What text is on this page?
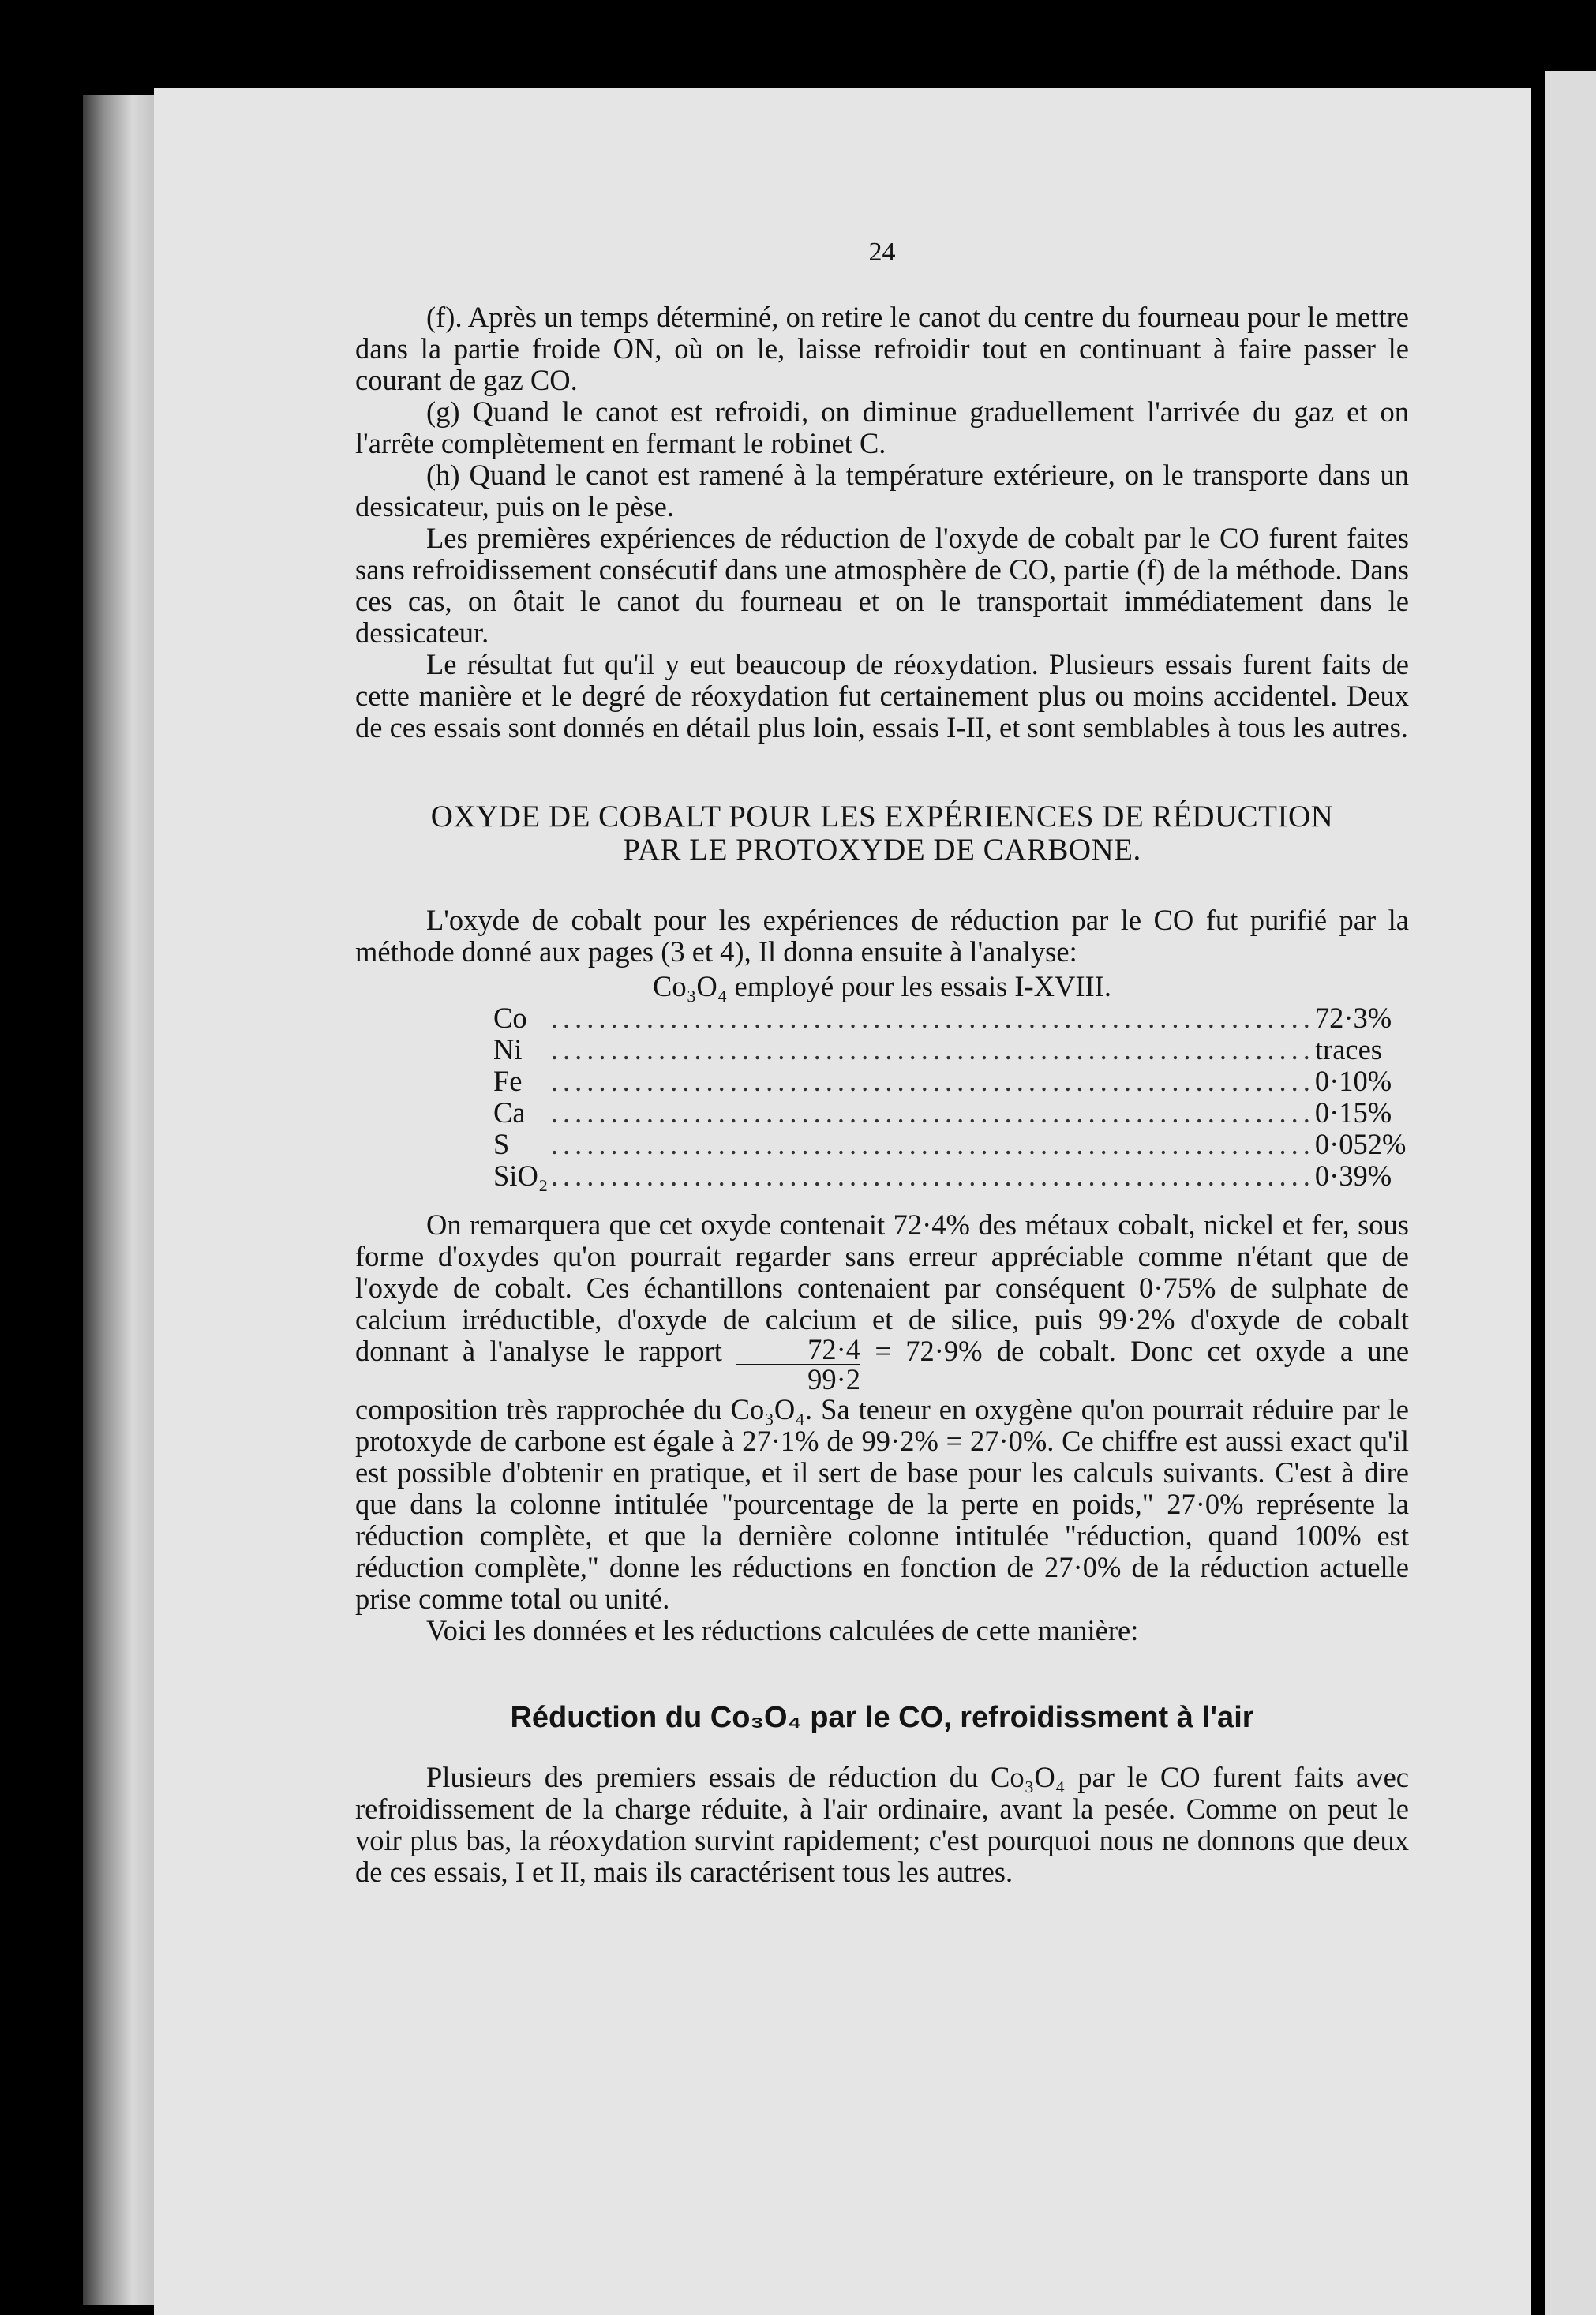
24

(f). Après un temps déterminé, on retire le canot du centre du fourneau pour le mettre dans la partie froide ON, où on le, laisse refroidir tout en continuant à faire passer le courant de gaz CO.

(g) Quand le canot est refroidi, on diminue graduellement l'arrivée du gaz et on l'arrête complètement en fermant le robinet C.

(h) Quand le canot est ramené à la température extérieure, on le transporte dans un dessicateur, puis on le pèse.

Les premières expériences de réduction de l'oxyde de cobalt par le CO furent faites sans refroidissement consécutif dans une atmosphère de CO, partie (f) de la méthode. Dans ces cas, on ôtait le canot du fourneau et on le transportait immédiatement dans le dessicateur.

Le résultat fut qu'il y eut beaucoup de réoxydation. Plusieurs essais furent faits de cette manière et le degré de réoxydation fut certainement plus ou moins accidentel. Deux de ces essais sont donnés en détail plus loin, essais I-II, et sont semblables à tous les autres.

OXYDE DE COBALT POUR LES EXPÉRIENCES DE RÉDUCTION
PAR LE PROTOXYDE DE CARBONE.

L'oxyde de cobalt pour les expériences de réduction par le CO fut purifié par la méthode donné aux pages (3 et 4), Il donna ensuite à l'analyse:

Co₃O₄ employé pour les essais I-XVIII.
Co	................................................................	72·3%
Ni	................................................................	traces
Fe	................................................................	0·10%
Ca	................................................................	0·15%
S	................................................................	0·052%
SiO₂	................................................................	0·39%

On remarquera que cet oxyde contenait 72·4% des métaux cobalt, nickel et fer, sous forme d'oxydes qu'on pourrait regarder sans erreur appréciable comme n'étant que de l'oxyde de cobalt. Ces échantillons contenaient par conséquent 0·75% de sulphate de calcium irréductible, d'oxyde de calcium et de silice, puis 99·2% d'oxyde de cobalt donnant à l'analyse le rapport $\frac{72\cdot 4}{99\cdot 2} = 72\cdot 9\%$ de cobalt. Donc cet oxyde a une composition très rapprochée du Co₃O₄. Sa teneur en oxygène qu'on pourrait réduire par le protoxyde de carbone est égale à 27·1% de 99·2% = 27·0%. Ce chiffre est aussi exact qu'il est possible d'obtenir en pratique, et il sert de base pour les calculs suivants. C'est à dire que dans la colonne intitulée "pourcentage de la perte en poids," 27·0% représente la réduction complète, et que la dernière colonne intitulée "réduction, quand 100% est réduction complète," donne les réductions en fonction de 27·0% de la réduction actuelle prise comme total ou unité.

Voici les données et les réductions calculées de cette manière:

Réduction du Co₃O₄ par le CO, refroidissment à l'air

Plusieurs des premiers essais de réduction du Co₃O₄ par le CO furent faits avec refroidissement de la charge réduite, à l'air ordinaire, avant la pesée. Comme on peut le voir plus bas, la réoxydation survint rapidement; c'est pourquoi nous ne donnons que deux de ces essais, I et II, mais ils caractérisent tous les autres.
